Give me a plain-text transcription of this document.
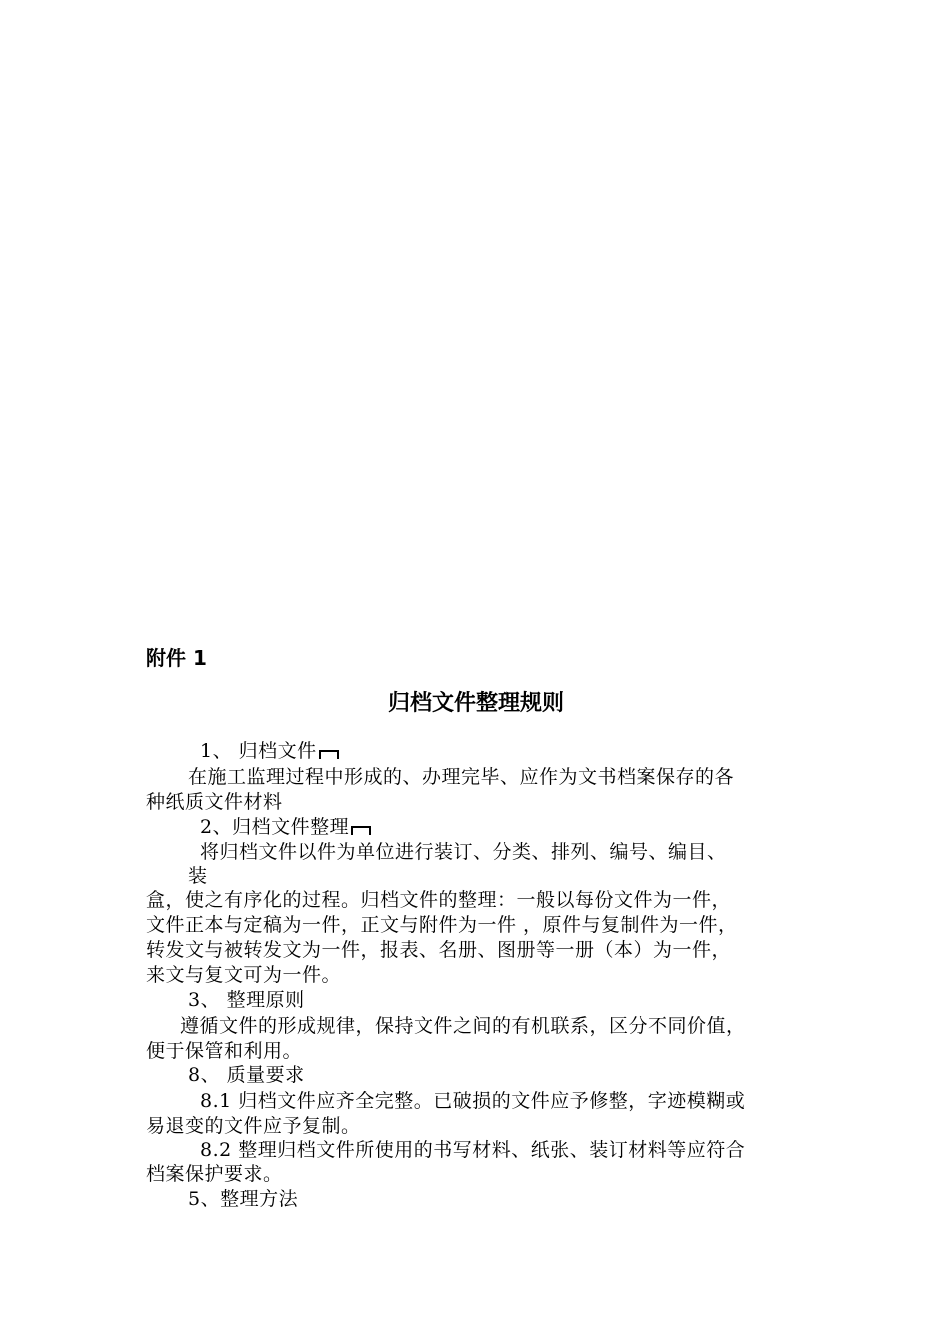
附件 1
归档文件整理规则
1、 归档文件
在施工监理过程中形成的、办理完毕、应作为文书档案保存的各
种纸质文件材料
2、归档文件整理
将归档文件以件为单位进行装订、分类、排列、编号、编目、
装
盒，使之有序化的过程。归档文件的整理：一般以每份文件为一件，
文件正本与定稿为一件，正文与附件为一件 ，原件与复制件为一件，
转发文与被转发文为一件，报表、名册、图册等一册（本）为一件，
来文与复文可为一件。
3、 整理原则
遵循文件的形成规律，保持文件之间的有机联系，区分不同价值，
便于保管和利用。
8、 质量要求
8.1 归档文件应齐全完整。已破损的文件应予修整，字迹模糊或
易退变的文件应予复制。
8.2 整理归档文件所使用的书写材料、纸张、装订材料等应符合
档案保护要求。
5、整理方法
